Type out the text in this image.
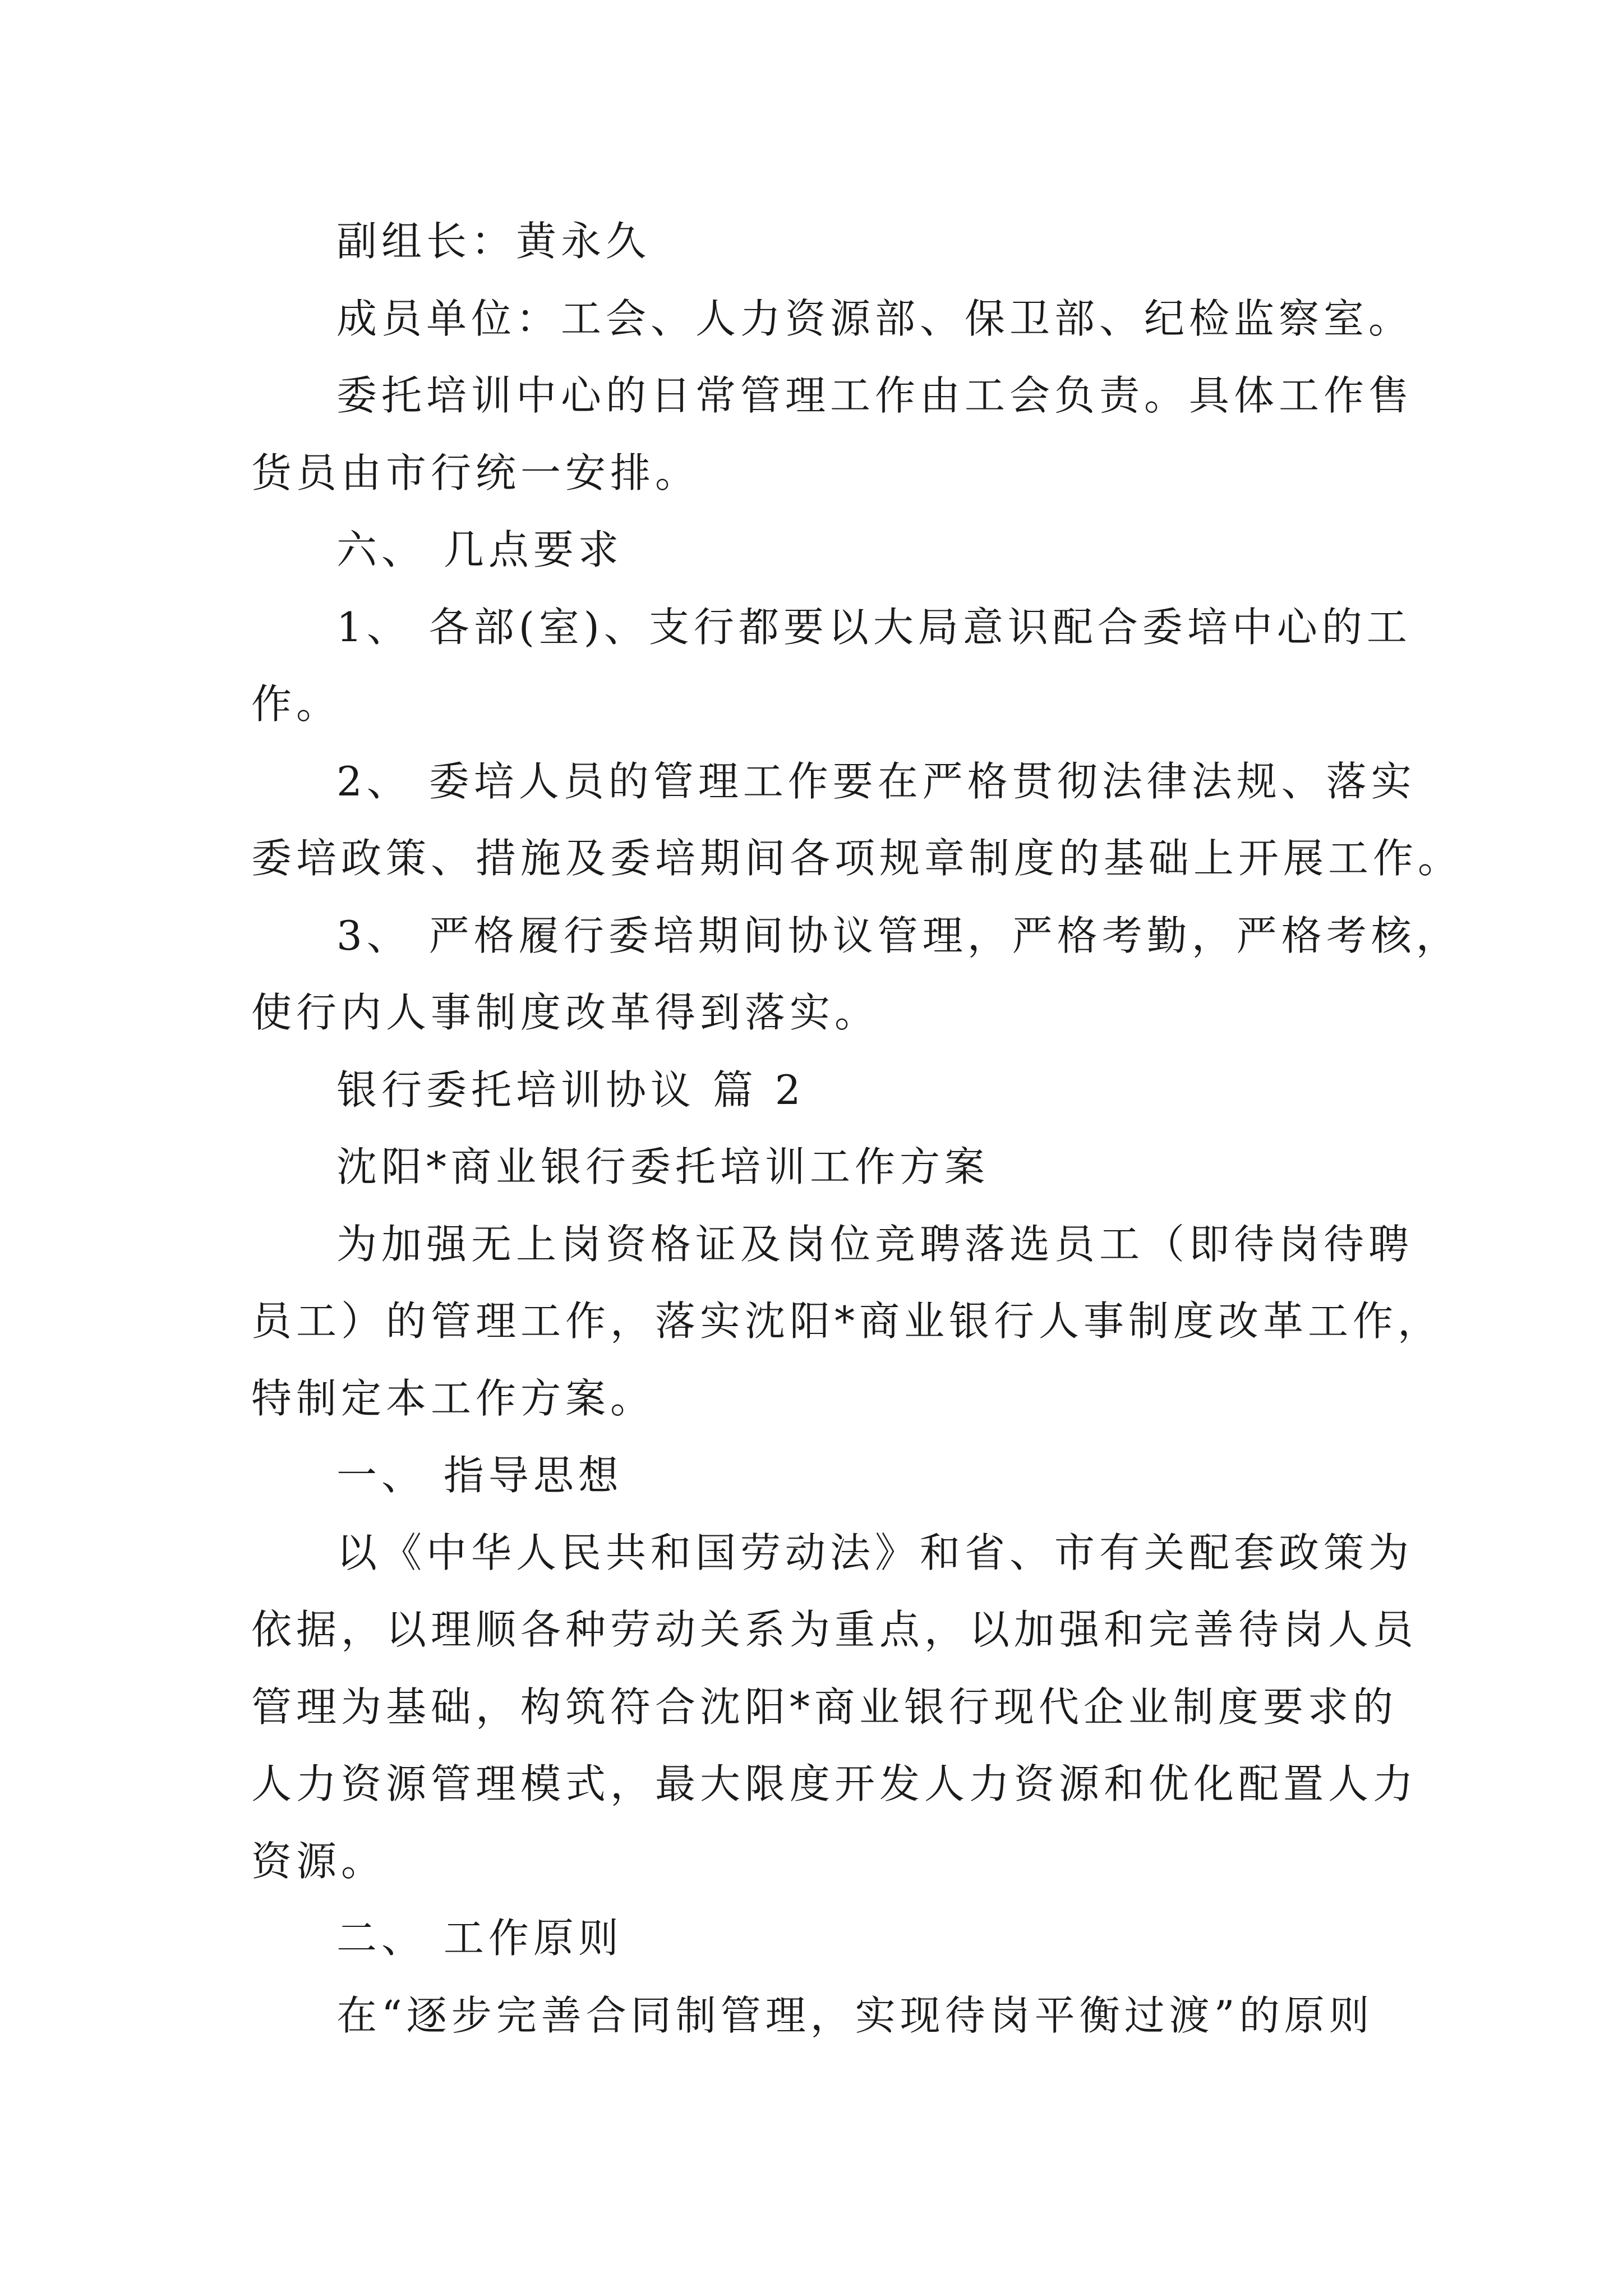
副组长：黄永久
成员单位：工会、人力资源部、保卫部、纪检监察室。
委托培训中心的日常管理工作由工会负责。具体工作售
货员由市行统一安排。
六、 几点要求
1、 各部(室)、支行都要以大局意识配合委培中心的工
作。
2、 委培人员的管理工作要在严格贯彻法律法规、落实
委培政策、措施及委培期间各项规章制度的基础上开展工作。
3、 严格履行委培期间协议管理，严格考勤，严格考核，
使行内人事制度改革得到落实。
银行委托培训协议 篇 2
沈阳*商业银行委托培训工作方案
为加强无上岗资格证及岗位竞聘落选员工（即待岗待聘
员工）的管理工作，落实沈阳*商业银行人事制度改革工作，
特制定本工作方案。
一、 指导思想
以《中华人民共和国劳动法》和省、市有关配套政策为
依据，以理顺各种劳动关系为重点，以加强和完善待岗人员
管理为基础，构筑符合沈阳*商业银行现代企业制度要求的
人力资源管理模式，最大限度开发人力资源和优化配置人力
资源。
二、 工作原则
在“逐步完善合同制管理，实现待岗平衡过渡”的原则
